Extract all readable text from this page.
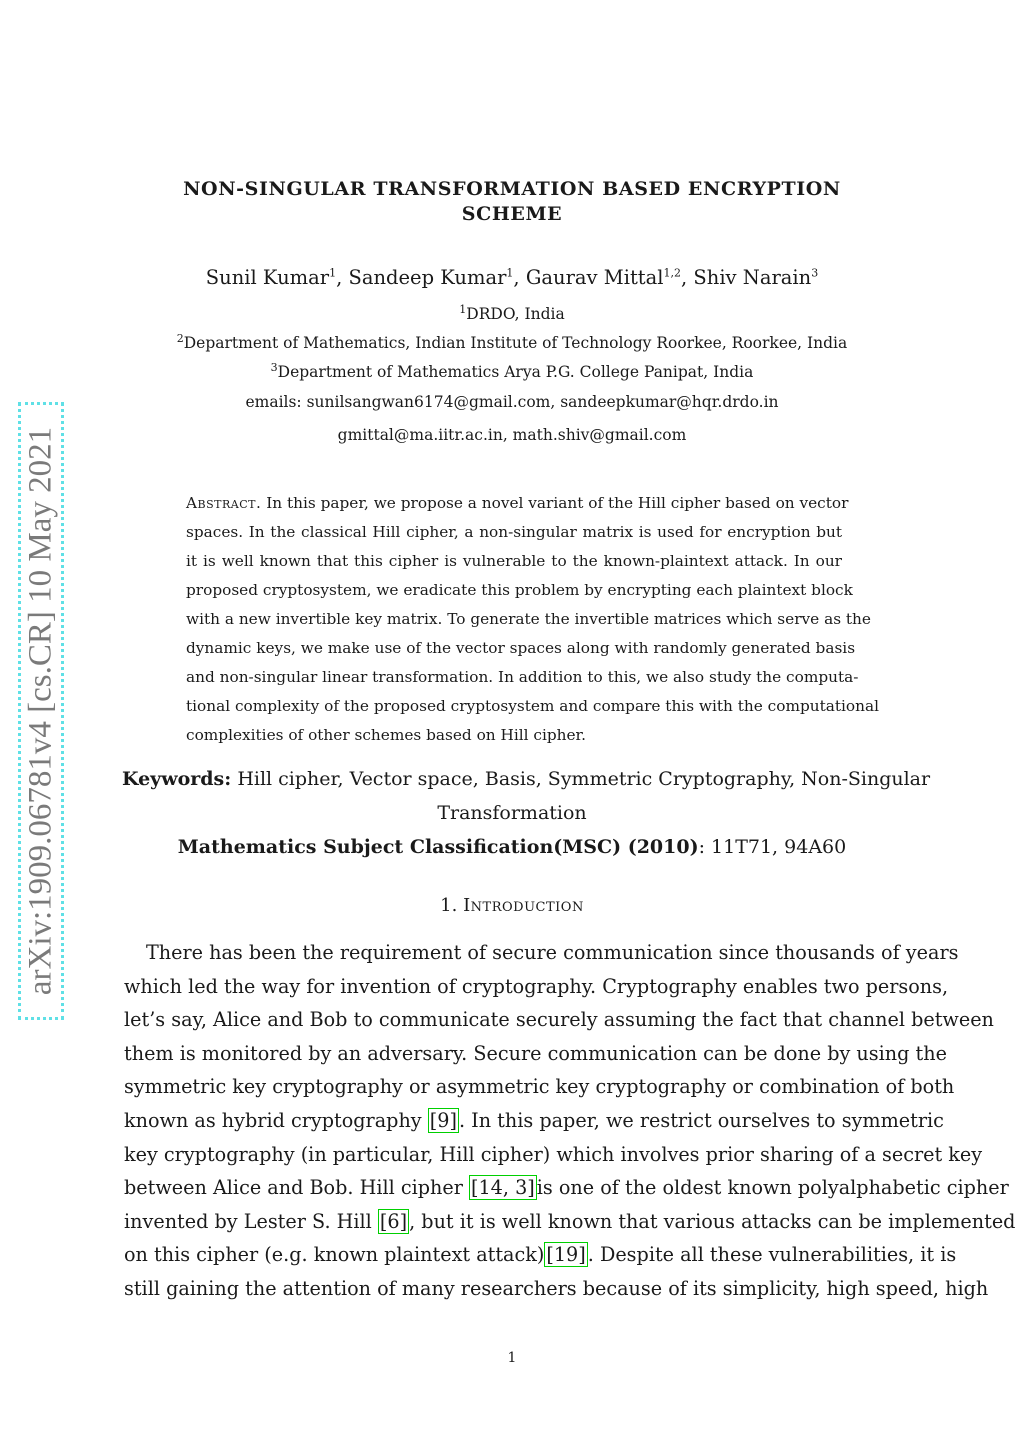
arXiv:1909.06781v4 [cs.CR] 10 May 2021
NON-SINGULAR TRANSFORMATION BASED ENCRYPTION
SCHEME
Sunil Kumar$^1$, Sandeep Kumar$^1$, Gaurav Mittal$^{1,2}$, Shiv Narain$^3$
$^1$DRDO, India
$^2$Department of Mathematics, Indian Institute of Technology Roorkee, Roorkee, India
$^3$Department of Mathematics Arya P.G. College Panipat, India
emails: sunilsangwan6174@gmail.com, sandeepkumar@hqr.drdo.in
gmittal@ma.iitr.ac.in, math.shiv@gmail.com
Abstract. In this paper, we propose a novel variant of the Hill cipher based on vector
spaces. In the classical Hill cipher, a non-singular matrix is used for encryption but
it is well known that this cipher is vulnerable to the known-plaintext attack. In our
proposed cryptosystem, we eradicate this problem by encrypting each plaintext block
with a new invertible key matrix. To generate the invertible matrices which serve as the
dynamic keys, we make use of the vector spaces along with randomly generated basis
and non-singular linear transformation. In addition to this, we also study the computa-
tional complexity of the proposed cryptosystem and compare this with the computational
complexities of other schemes based on Hill cipher.
Keywords: Hill cipher, Vector space, Basis, Symmetric Cryptography, Non-Singular
Transformation
Mathematics Subject Classification(MSC) (2010): 11T71, 94A60
1. Introduction
There has been the requirement of secure communication since thousands of years
which led the way for invention of cryptography. Cryptography enables two persons,
let’s say, Alice and Bob to communicate securely assuming the fact that channel between
them is monitored by an adversary. Secure communication can be done by using the
symmetric key cryptography or asymmetric key cryptography or combination of both
known as hybrid cryptography [9] . In this paper, we restrict ourselves to symmetric
key cryptography (in particular, Hill cipher) which involves prior sharing of a secret key
between Alice and Bob. Hill cipher [14, 3] is one of the oldest known polyalphabetic cipher
invented by Lester S. Hill [6] , but it is well known that various attacks can be implemented
on this cipher (e.g. known plaintext attack) [19] . Despite all these vulnerabilities, it is
still gaining the attention of many researchers because of its simplicity, high speed, high
1
